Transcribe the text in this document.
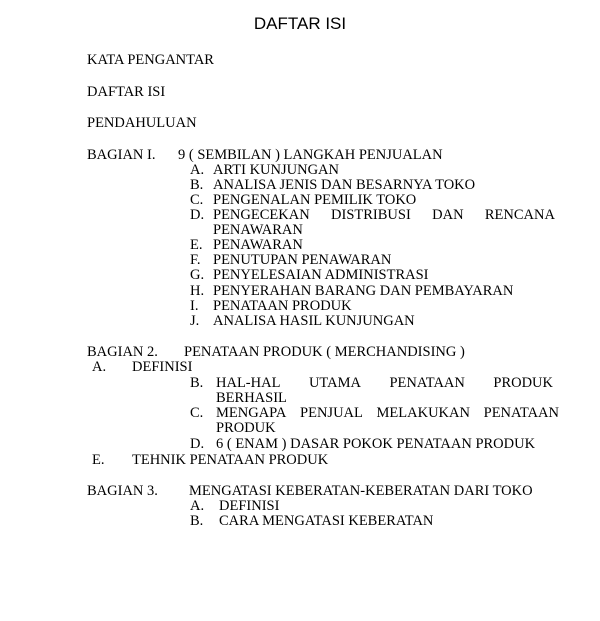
DAFTAR ISI
KATA PENGANTAR
DAFTAR ISI
PENDAHULUAN
BAGIAN I. 9 ( SEMBILAN ) LANGKAH PENJUALAN
A. ARTI KUNJUNGAN
B. ANALISA JENIS DAN BESARNYA TOKO
C. PENGENALAN PEMILIK TOKO
D. PENGECEKAN DISTRIBUSI DAN RENCANA
PENAWARAN
E. PENAWARAN
F. PENUTUPAN PENAWARAN
G. PENYELESAIAN ADMINISTRASI
H. PENYERAHAN BARANG DAN PEMBAYARAN
I. PENATAAN PRODUK
J. ANALISA HASIL KUNJUNGAN
BAGIAN 2. PENATAAN PRODUK ( MERCHANDISING )
A. DEFINISI
B. HAL-HAL UTAMA PENATAAN PRODUK
BERHASIL
C. MENGAPA PENJUAL MELAKUKAN PENATAAN
PRODUK
D. 6 ( ENAM ) DASAR POKOK PENATAAN PRODUK
E. TEHNIK PENATAAN PRODUK
BAGIAN 3. MENGATASI KEBERATAN-KEBERATAN DARI TOKO
A. DEFINISI
B. CARA MENGATASI KEBERATAN
